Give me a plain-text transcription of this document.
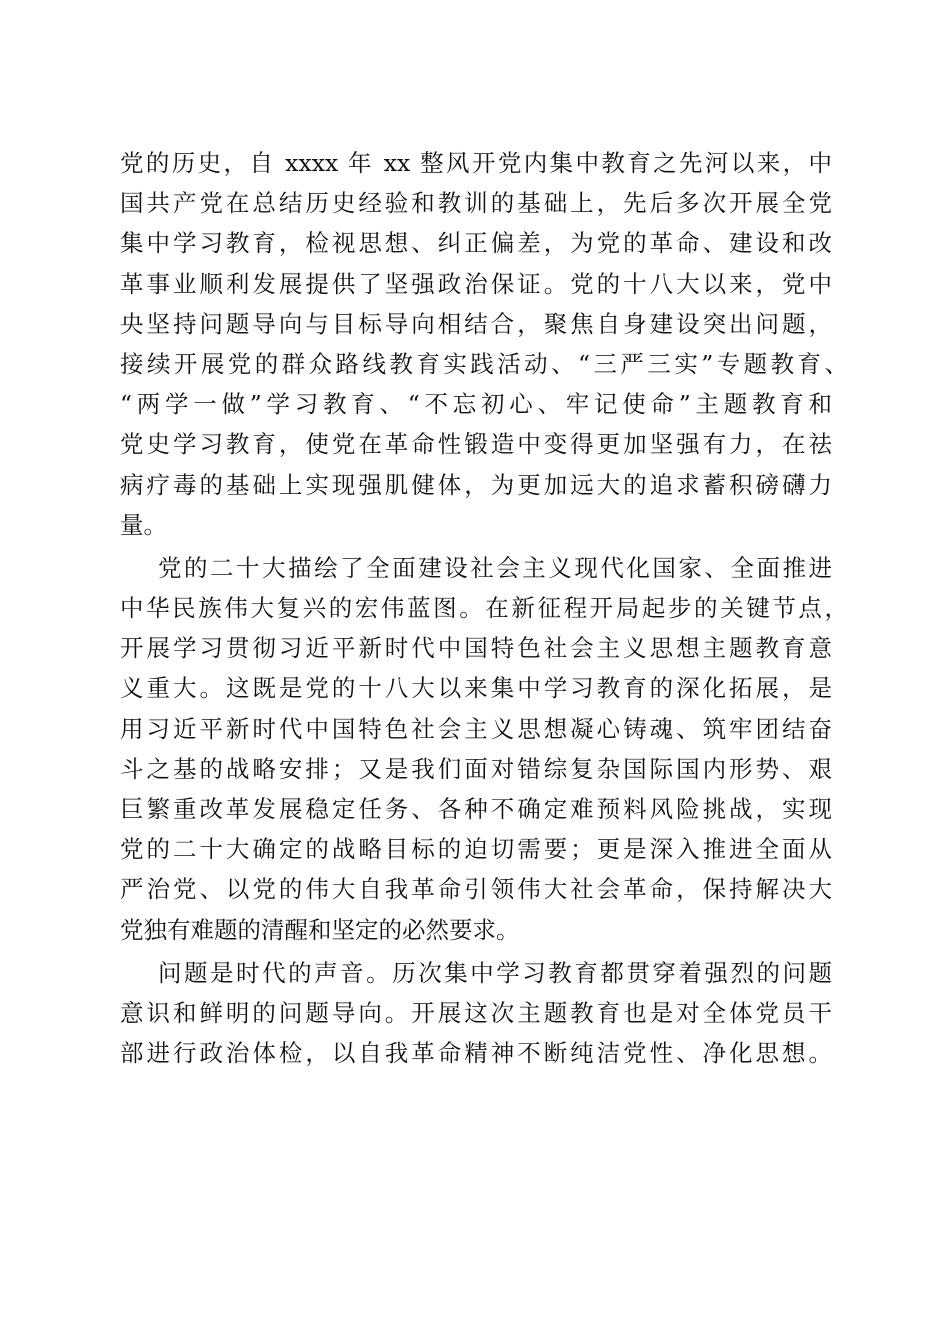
党的历史，自 xxxx 年 xx 整风开党内集中教育之先河以来，中
国共产党在总结历史经验和教训的基础上，先后多次开展全党
集中学习教育，检视思想、纠正偏差，为党的革命、建设和改
革事业顺利发展提供了坚强政治保证。党的十八大以来，党中
央坚持问题导向与目标导向相结合，聚焦自身建设突出问题，
接续开展党的群众路线教育实践活动、“三严三实”专题教育、
“两学一做”学习教育、“不忘初心、牢记使命”主题教育和
党史学习教育，使党在革命性锻造中变得更加坚强有力，在祛
病疗毒的基础上实现强肌健体，为更加远大的追求蓄积磅礴力
量。
党的二十大描绘了全面建设社会主义现代化国家、全面推进
中华民族伟大复兴的宏伟蓝图。在新征程开局起步的关键节点，
开展学习贯彻习近平新时代中国特色社会主义思想主题教育意
义重大。这既是党的十八大以来集中学习教育的深化拓展，是
用习近平新时代中国特色社会主义思想凝心铸魂、筑牢团结奋
斗之基的战略安排；又是我们面对错综复杂国际国内形势、艰
巨繁重改革发展稳定任务、各种不确定难预料风险挑战，实现
党的二十大确定的战略目标的迫切需要；更是深入推进全面从
严治党、以党的伟大自我革命引领伟大社会革命，保持解决大
党独有难题的清醒和坚定的必然要求。
问题是时代的声音。历次集中学习教育都贯穿着强烈的问题
意识和鲜明的问题导向。开展这次主题教育也是对全体党员干
部进行政治体检，以自我革命精神不断纯洁党性、净化思想。
